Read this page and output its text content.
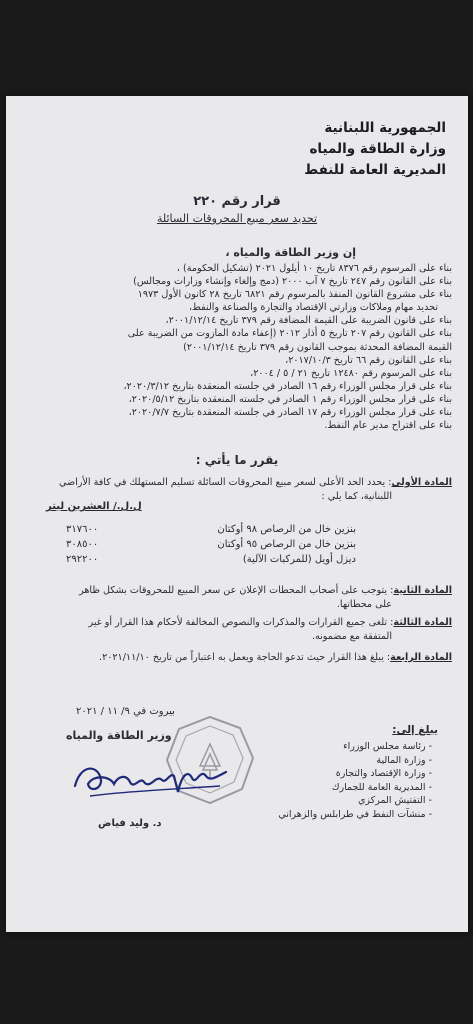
الجمهورية اللبنانية
وزارة الطاقة والمياه
المديرية العامة للنفط
قرار رقم ٢٢٠
تحديد سعر مبيع المحروقات السائلة
إن وزير الطاقة والمياه ،
بناء على المرسوم رقم ٨٣٧٦ تاريخ ١٠ أيلول ٢٠٢١ (تشكيل الحكومة) ،
بناء على القانون رقم ٢٤٧ تاريخ ٧ آب ٢٠٠٠ (دمج وإلغاء وإنشاء وزارات ومجالس)
بناء على مشروع القانون المنفذ بالمرسوم رقم ٦٨٢١ تاريخ ٢٨ كانون الأول ١٩٧٣
تحديد مهام وملاكات وزارتي الإقتصاد والتجارة والصناعة والنفط،
بناء على قانون الضريبة على القيمة المضافة رقم ٣٧٩ تاريخ ٢٠٠١/١٢/١٤،
بناء على القانون رقم ٢٠٧ تاريخ ٥ أذار ٢٠١٢ (إعفاء مادة المازوت من الضريبة على
القيمة المضافة المحدثة بموجب القانون رقم ٣٧٩ تاريخ ٢٠٠١/١٢/١٤)
بناء على القانون رقم ٦٦ تاريخ ٢٠١٧/١٠/٣،
بناء على المرسوم رقم ١٢٤٨٠ تاريخ ٢١ / ٥ / ٢٠٠٤،
بناء على قرار مجلس الوزراء رقم ١٦ الصادر في جلسته المنعقدة بتاريخ ٢٠٢٠/٣/١٢،
بناء على قرار مجلس الوزراء رقم ١ الصادر في جلسته المنعقدة بتاريخ ٢٠٢٠/٥/١٢،
بناء على قرار مجلس الوزراء رقم ١٧ الصادر في جلسته المنعقدة بتاريخ ٢٠٢٠/٧/٧،
بناء على اقتراح مدير عام النفط.
يقرر ما يأتي :
المادة الأولى: يحدد الحد الأعلى لسعر مبيع المحروقات السائلة تسليم المستهلك في كافة الأراضي
اللبنانية، كما يلي :
ل.ل./ العشرين ليتر
بنزين خال من الرصاص ٩٨ أوكتان
٣١٧٦٠٠
بنزين خال من الرصاص ٩٥ أوكتان
٣٠٨٥٠٠
ديزل أويل (للمركبات الآلية)
٢٩٢٢٠٠
المادة الثانية: يتوجب على أصحاب المحطات الإعلان عن سعر المبيع للمحروقات بشكل ظاهر
على محطاتها.
المادة الثالثة: تلغى جميع القرارات والمذكرات والنصوص المخالفة لأحكام هذا القرار أو غير
المتفقة مع مضمونه.
المادة الرابعة: يبلغ هذا القرار حيث تدعو الحاجة ويعمل به اعتباراً من تاريخ ٢٠٢١/١١/١٠.
بيروت في ٩/ ١١ / ٢٠٢١
وزير الطاقة والمياه
د. وليد فياض
يبلغ إلى:
- رئاسة مجلس الوزراء
- وزارة المالية
- وزارة الإقتصاد والتجارة
- المديرية العامة للجمارك
- التفتيش المركزي
- منشآت النفط في طرابلس والزهراني
